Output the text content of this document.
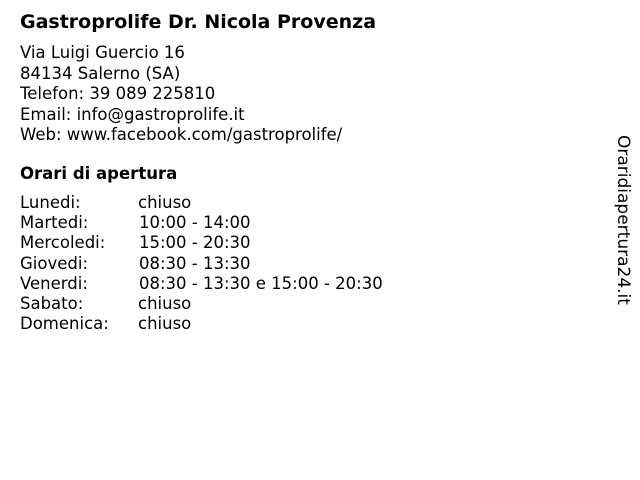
Gastroprolife Dr. Nicola Provenza
Via Luigi Guercio 16
84134 Salerno (SA)
Telefon: 39 089 225810
Email: info@gastroprolife.it
Web: www.facebook.com/gastroprolife/
Orari di apertura
Lunedi:	chiuso
Martedi:	10:00 - 14:00
Mercoledi: 15:00 - 20:30
Giovedi:	08:30 - 13:30
Venerdi:	08:30 - 13:30 e 15:00 - 20:30
Sabato:	chiuso
Domenica: chiuso
Oraridiapertura24.it
